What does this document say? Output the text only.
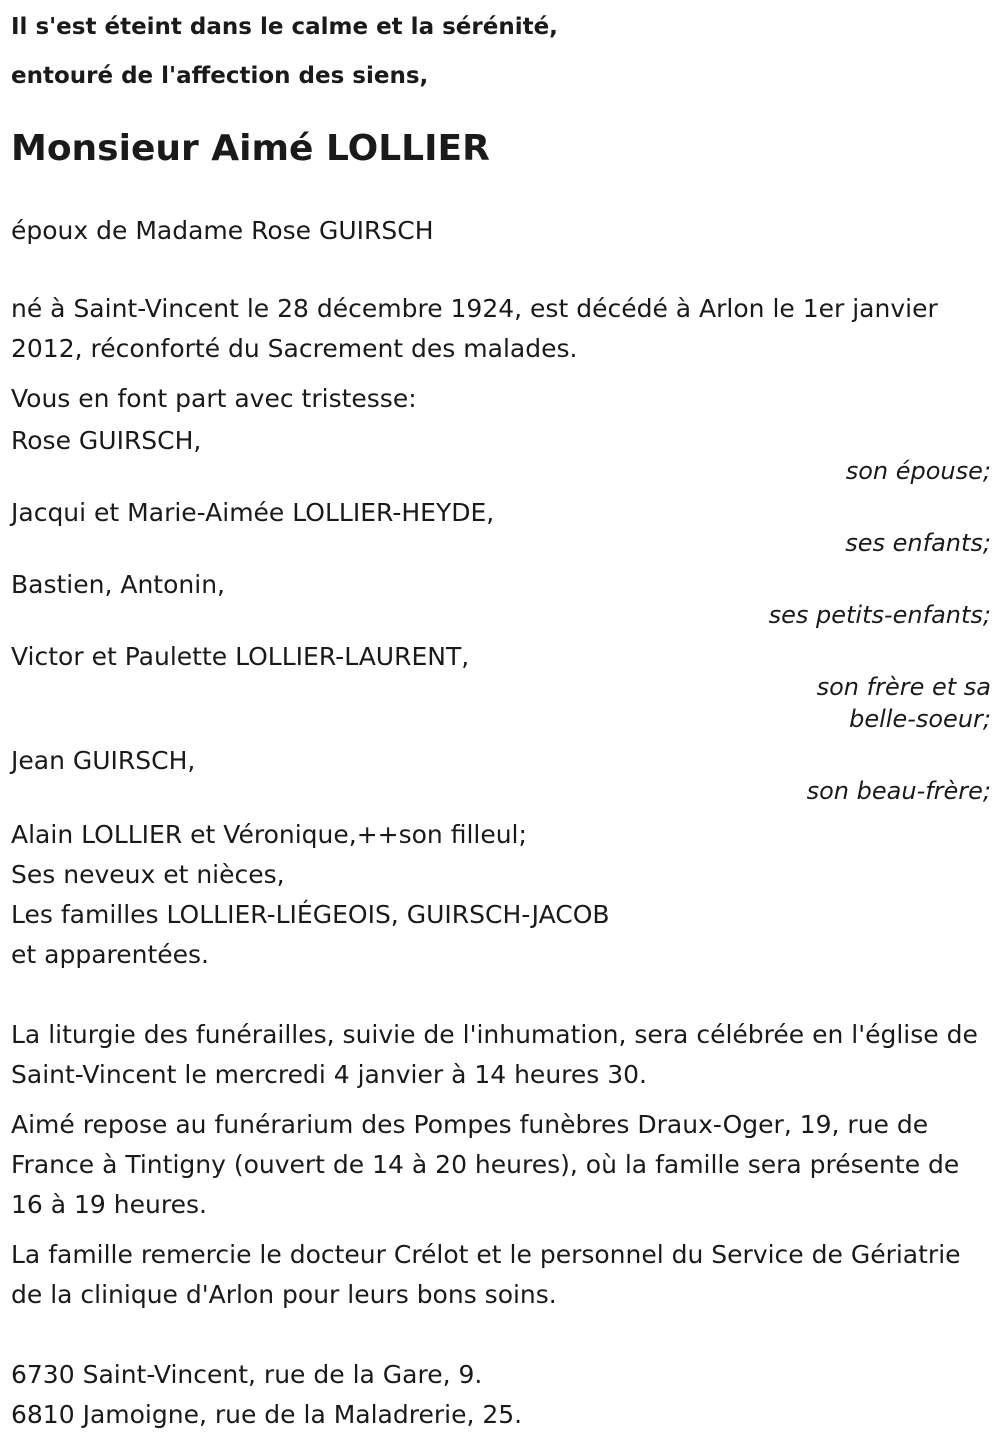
Il s'est éteint dans le calme et la sérénité,
entouré de l'affection des siens,
Monsieur Aimé LOLLIER
époux de Madame Rose GUIRSCH
né à Saint-Vincent le 28 décembre 1924, est décédé à Arlon le 1er janvier 2012, réconforté du Sacrement des malades.
Vous en font part avec tristesse:
Rose GUIRSCH,
son épouse;
Jacqui et Marie-Aimée LOLLIER-HEYDE,
ses enfants;
Bastien, Antonin,
ses petits-enfants;
Victor et Paulette LOLLIER-LAURENT,
son frère et sa belle-soeur;
Jean GUIRSCH,
son beau-frère;
Alain LOLLIER et Véronique,++son filleul;
Ses neveux et nièces,
Les familles LOLLIER-LIÉGEOIS, GUIRSCH-JACOB
et apparentées.
La liturgie des funérailles, suivie de l'inhumation, sera célébrée en l'église de Saint-Vincent le mercredi 4 janvier à 14 heures 30.
Aimé repose au funérarium des Pompes funèbres Draux-Oger, 19, rue de France à Tintigny (ouvert de 14 à 20 heures), où la famille sera présente de 16 à 19 heures.
La famille remercie le docteur Crélot et le personnel du Service de Gériatrie de la clinique d'Arlon pour leurs bons soins.
6730 Saint-Vincent, rue de la Gare, 9.
6810 Jamoigne, rue de la Maladrerie, 25.
